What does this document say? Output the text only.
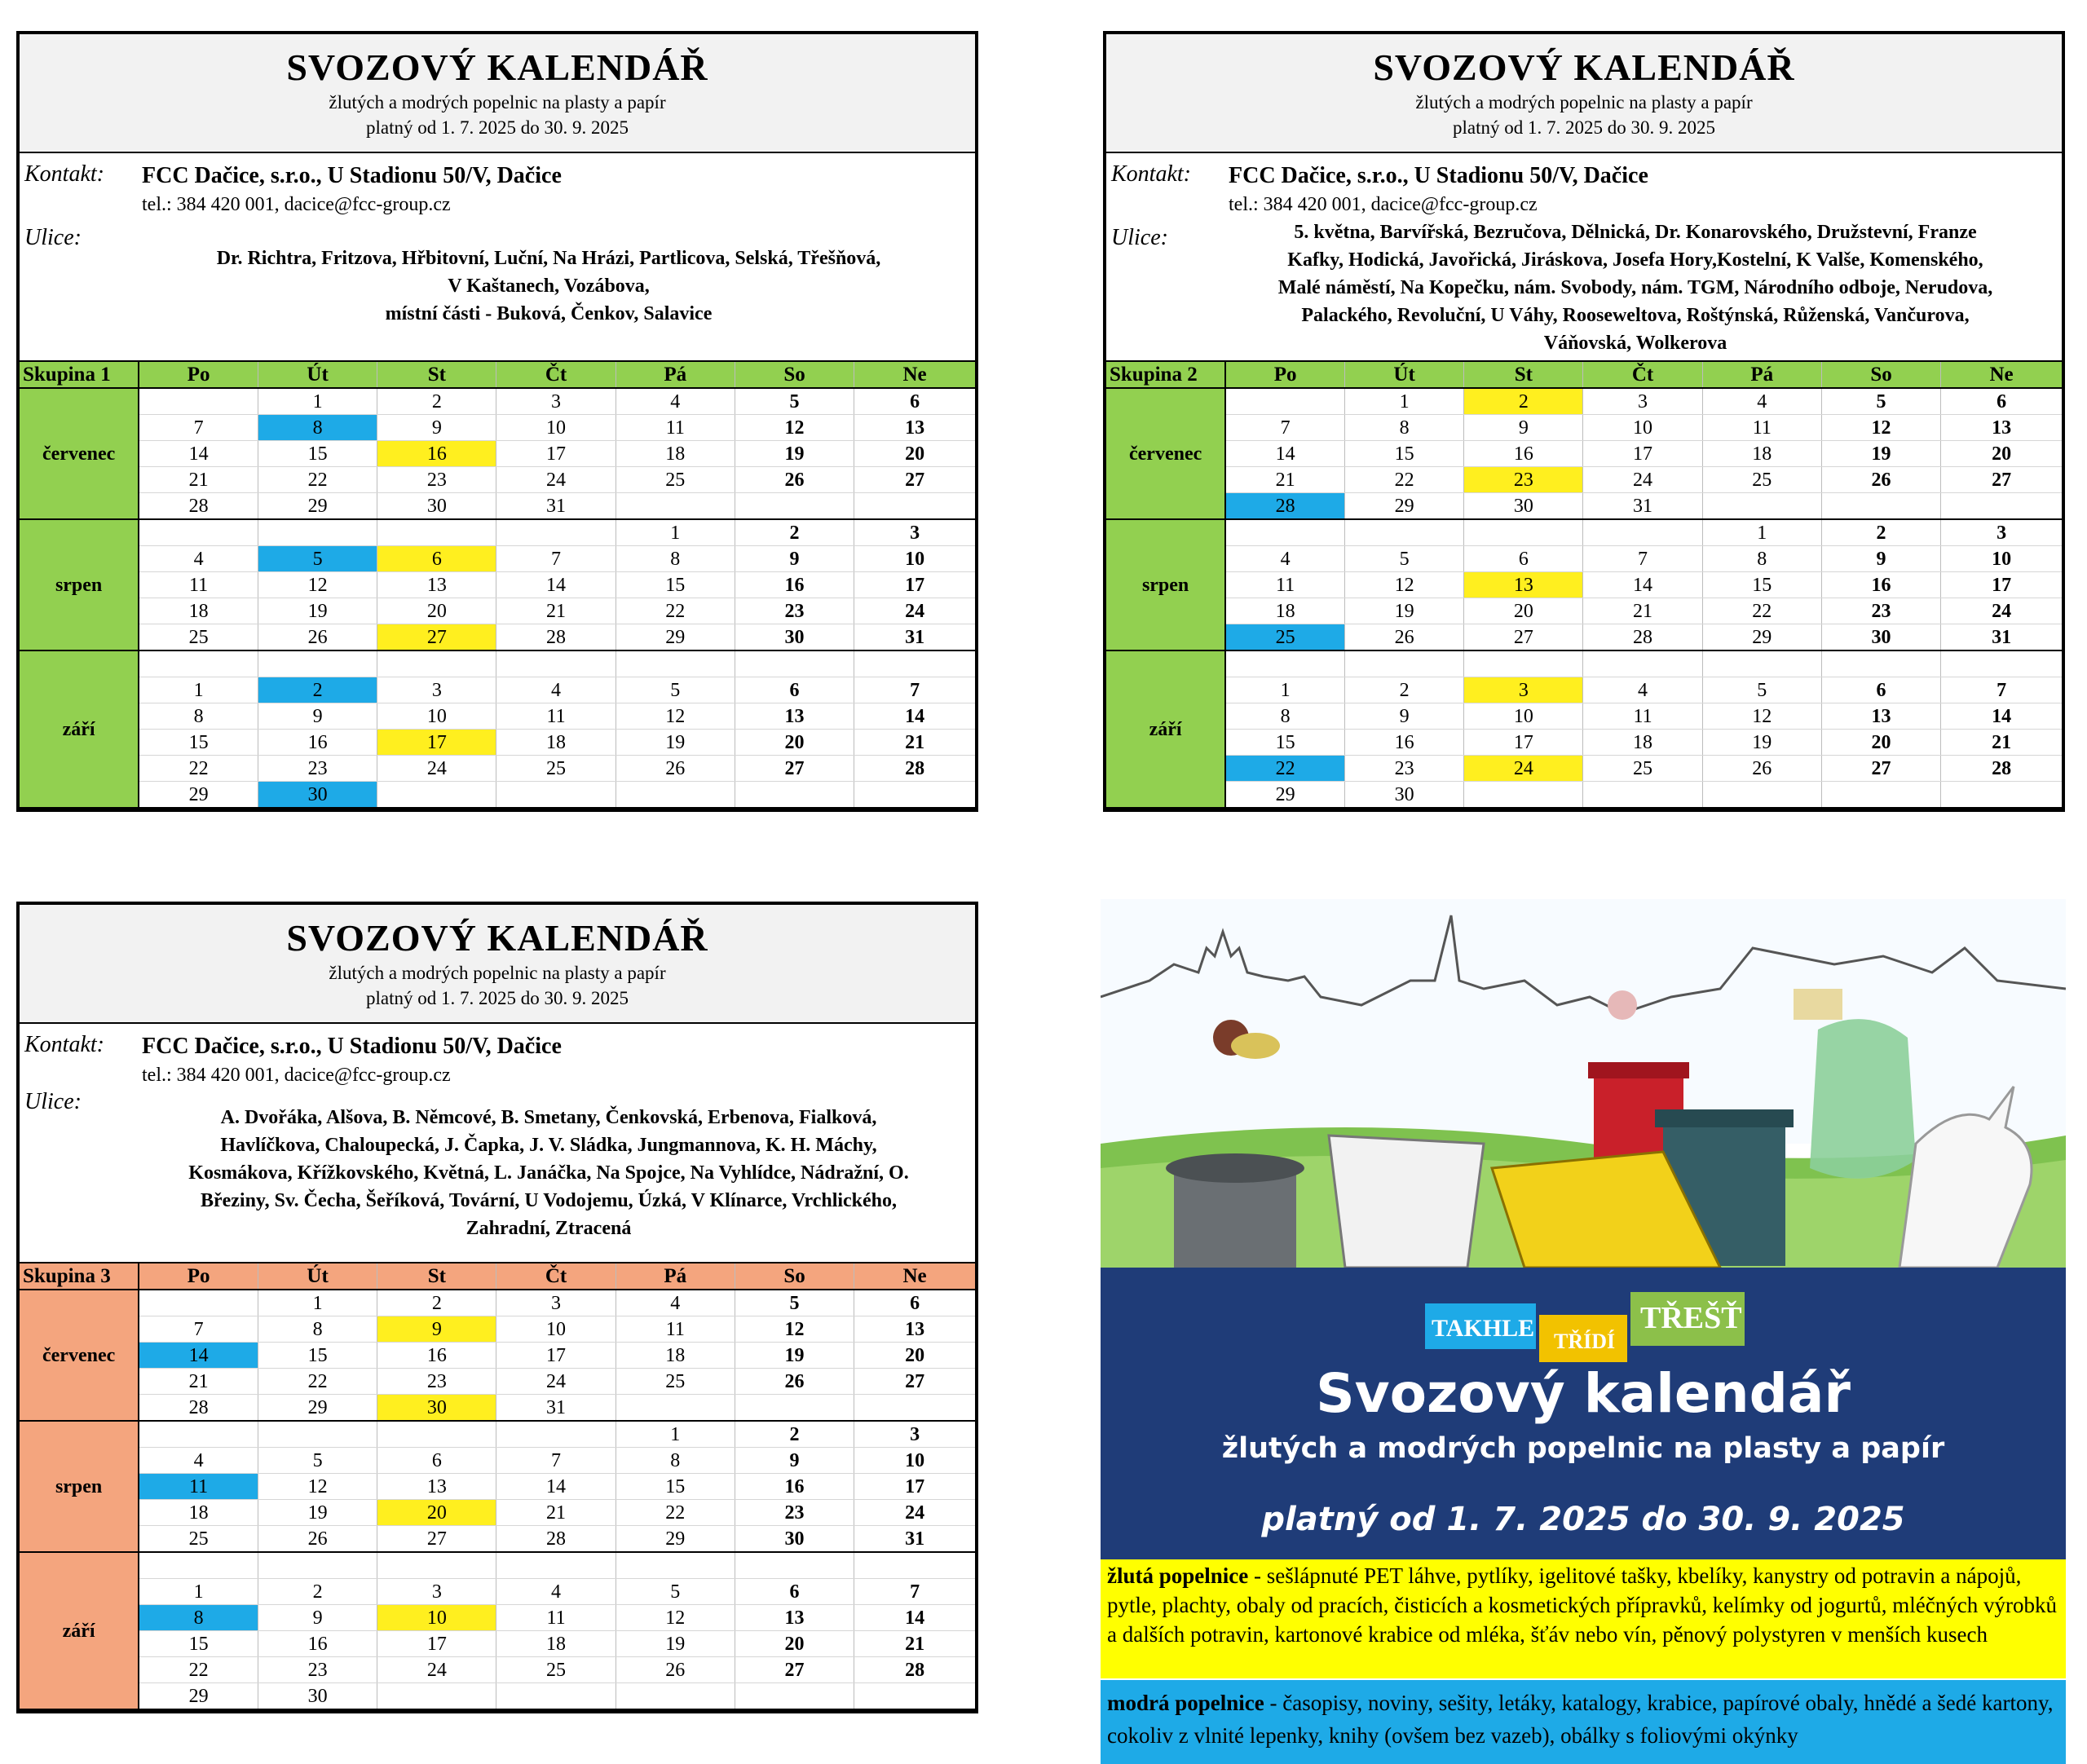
SVOZOVÝ KALENDÁŘ
žlutých a modrých popelnic na plasty a papír
platný od 1. 7. 2025 do 30. 9. 2025
Kontakt: FCC Dačice, s.r.o., U Stadionu 50/V, Dačice
tel.: 384 420 001, dacice@fcc-group.cz
Ulice:
Dr. Richtra, Fritzova, Hřbitovní, Luční, Na Hrázi, Partlicova, Selská, Třešňová,
V Kaštanech, Vozábova,
místní části - Buková, Čenkov, Salavice
Skupina 1	Po	Út	St	Čt	Pá	So	Ne
červenec		1	2	3	4	5	6
	7	8	9	10	11	12	13
	14	15	16	17	18	19	20
	21	22	23	24	25	26	27
	28	29	30	31			
srpen					1	2	3
	4	5	6	7	8	9	10
	11	12	13	14	15	16	17
	18	19	20	21	22	23	24
	25	26	27	28	29	30	31
září							
	1	2	3	4	5	6	7
	8	9	10	11	12	13	14
	15	16	17	18	19	20	21
	22	23	24	25	26	27	28
	29	30					
SVOZOVÝ KALENDÁŘ
žlutých a modrých popelnic na plasty a papír
platný od 1. 7. 2025 do 30. 9. 2025
Kontakt: FCC Dačice, s.r.o., U Stadionu 50/V, Dačice
tel.: 384 420 001, dacice@fcc-group.cz
Ulice:	5. května, Barvířská, Bezručova, Dělnická, Dr. Konarovského, Družstevní, Franze
Kafky, Hodická, Javořická, Jiráskova, Josefa Hory,Kostelní, K Valše, Komenského,
Malé náměstí, Na Kopečku, nám. Svobody, nám. TGM, Národního odboje, Nerudova,
Palackého, Revoluční, U Váhy, Rooseweltova, Roštýnská, Růženská, Vančurova,
Váňovská, Wolkerova
Skupina 2	Po	Út	St	Čt	Pá	So	Ne
červenec		1	2	3	4	5	6
	7	8	9	10	11	12	13
	14	15	16	17	18	19	20
	21	22	23	24	25	26	27
	28	29	30	31			
srpen					1	2	3
	4	5	6	7	8	9	10
	11	12	13	14	15	16	17
	18	19	20	21	22	23	24
	25	26	27	28	29	30	31
září							
	1	2	3	4	5	6	7
	8	9	10	11	12	13	14
	15	16	17	18	19	20	21
	22	23	24	25	26	27	28
	29	30					
SVOZOVÝ KALENDÁŘ
žlutých a modrých popelnic na plasty a papír
platný od 1. 7. 2025 do 30. 9. 2025
Kontakt: FCC Dačice, s.r.o., U Stadionu 50/V, Dačice
tel.: 384 420 001, dacice@fcc-group.cz
Ulice:
A. Dvořáka, Alšova, B. Němcové, B. Smetany, Čenkovská, Erbenova, Fialková,
Havlíčkova, Chaloupecká, J. Čapka, J. V. Sládka, Jungmannova, K. H. Máchy,
Kosmákova, Křížkovského, Květná, L. Janáčka, Na Spojce, Na Vyhlídce, Nádražní, O.
Březiny, Sv. Čecha, Šeříková, Tovární, U Vodojemu, Úzká, V Klínarce, Vrchlického,
Zahradní, Ztracená
Skupina 3	Po	Út	St	Čt	Pá	So	Ne
červenec		1	2	3	4	5	6
	7	8	9	10	11	12	13
	14	15	16	17	18	19	20
	21	22	23	24	25	26	27
	28	29	30	31			
srpen					1	2	3
	4	5	6	7	8	9	10
	11	12	13	14	15	16	17
	18	19	20	21	22	23	24
	25	26	27	28	29	30	31
září							
	1	2	3	4	5	6	7
	8	9	10	11	12	13	14
	15	16	17	18	19	20	21
	22	23	24	25	26	27	28
	29	30					
TAKHLE TŘÍDÍ
TŘEŠŤ
Svozový kalendář
žlutých a modrých popelnic na plasty a papír
platný od 1. 7. 2025 do 30. 9. 2025
žlutá popelnice - sešlápnuté PET láhve, pytlíky, igelitové tašky, kbelíky, kanystry od potravin a nápojů, pytle, plachty, obaly od pracích, čisticích a kosmetických přípravků, kelímky od jogurtů, mléčných výrobků a dalších potravin, kartonové krabice od mléka, šťáv nebo vín, pěnový polystyren v menších kusech
modrá popelnice - časopisy, noviny, sešity, letáky, katalogy, krabice, papírové obaly, hnědé a šedé kartony, cokoliv z vlnité lepenky, knihy (ovšem bez vazeb), obálky s foliovými okýnky
